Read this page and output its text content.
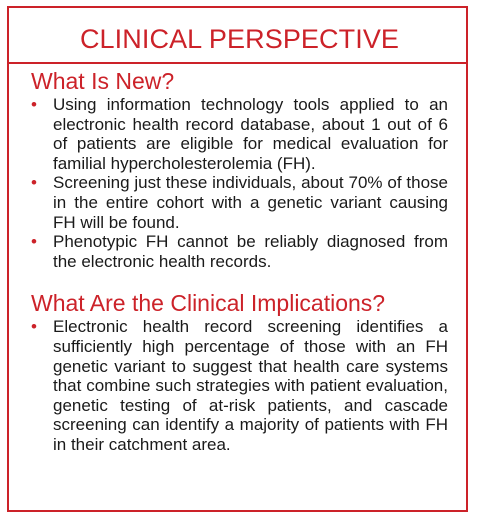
CLINICAL PERSPECTIVE
What Is New?
• Using information technology tools applied to an electronic health record database, about 1 out of 6 of patients are eligible for medical evaluation for familial hypercholesterolemia (FH).
• Screening just these individuals, about 70% of those in the entire cohort with a genetic variant causing FH will be found.
• Phenotypic FH cannot be reliably diagnosed from the electronic health records.
What Are the Clinical Implications?
• Electronic health record screening identifies a sufficiently high percentage of those with an FH genetic variant to suggest that health care systems that combine such strategies with patient evaluation, genetic testing of at-risk patients, and cascade screening can identify a majority of patients with FH in their catchment area.
